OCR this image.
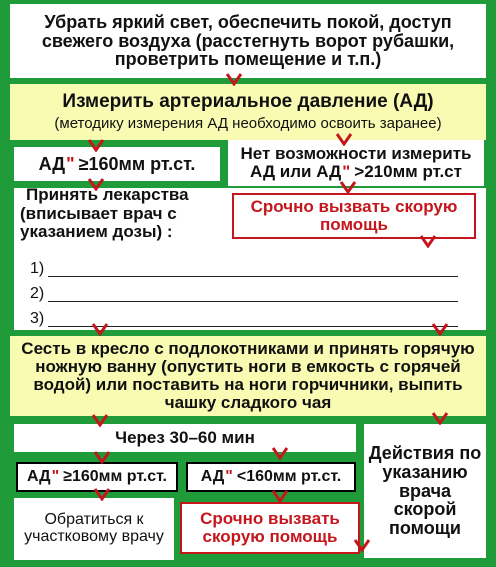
Убрать яркий свет, обеспечить покой, доступ свежего воздуха (расстегнуть ворот рубашки, проветрить помещение и т.п.)
Измерить артериальное давление (АД)
(методику измерения АД необходимо освоить заранее)
АД " ≥160мм рт.ст.	Нет возможности измерить
АД или АД" >210мм рт.ст
Принять лекарства
(вписывает врач с указанием дозы) :
Срочно вызвать скорую помощь
1)
2)
3)
Сесть в кресло с подлокотниками и принять горячую ножную ванну (опустить ноги в емкость с горячей водой) или поставить на ноги горчичники, выпить чашку сладкого чая
Через 30–60 мин
Действия по указанию врача скорой помощи
АД " ≥160мм рт.ст. АД " <160мм рт.ст.
Обратиться к участковому врачу
Срочно вызвать скорую помощь
